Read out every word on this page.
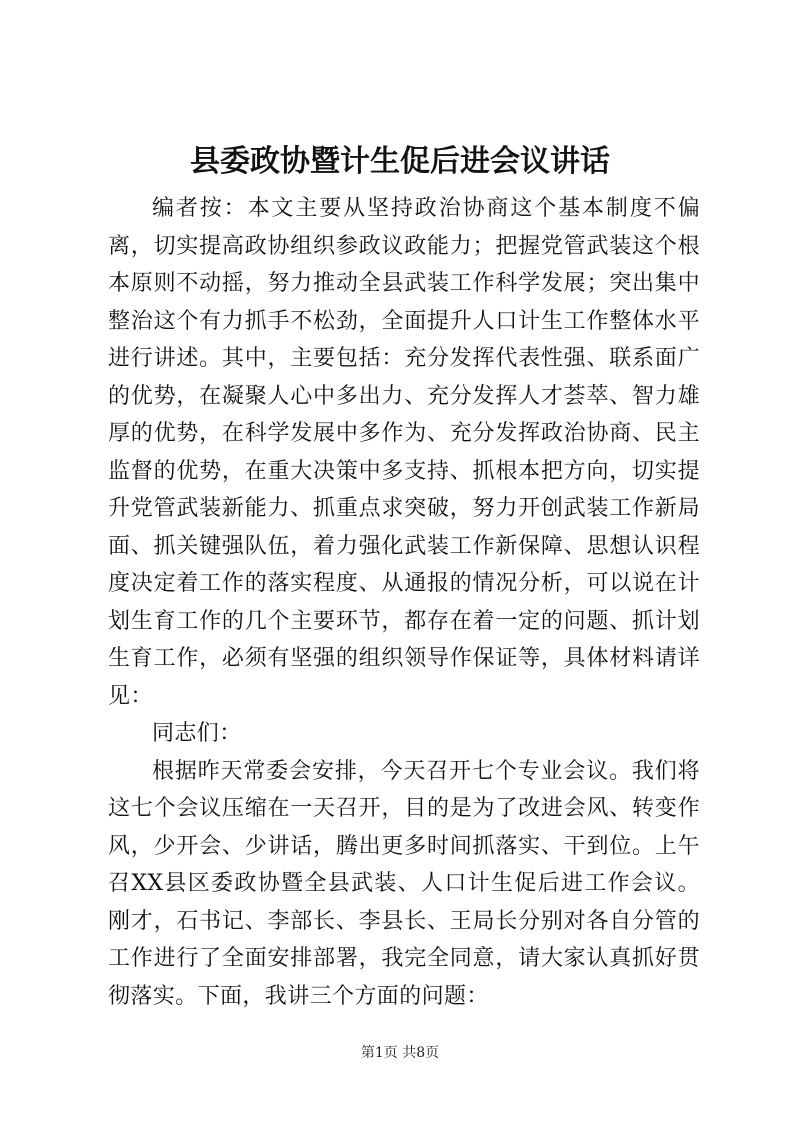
县委政协暨计生促后进会议讲话

编者按：本文主要从坚持政治协商这个基本制度不偏离，切实提高政协组织参政议政能力；把握党管武装这个根本原则不动摇，努力推动全县武装工作科学发展；突出集中整治这个有力抓手不松劲，全面提升人口计生工作整体水平进行讲述。其中，主要包括：充分发挥代表性强、联系面广的优势，在凝聚人心中多出力、充分发挥人才荟萃、智力雄厚的优势，在科学发展中多作为、充分发挥政治协商、民主监督的优势，在重大决策中多支持、抓根本把方向，切实提升党管武装新能力、抓重点求突破，努力开创武装工作新局面、抓关键强队伍，着力强化武装工作新保障、思想认识程度决定着工作的落实程度、从通报的情况分析，可以说在计划生育工作的几个主要环节，都存在着一定的问题、抓计划生育工作，必须有坚强的组织领导作保证等，具体材料请详见：

同志们：

根据昨天常委会安排，今天召开七个专业会议。我们将这七个会议压缩在一天召开，目的是为了改进会风、转变作风，少开会、少讲话，腾出更多时间抓落实、干到位。上午召XX县区委政协暨全县武装、人口计生促后进工作会议。刚才，石书记、李部长、李县长、王局长分别对各自分管的工作进行了全面安排部署，我完全同意，请大家认真抓好贯彻落实。下面，我讲三个方面的问题：

第1页 共8页
